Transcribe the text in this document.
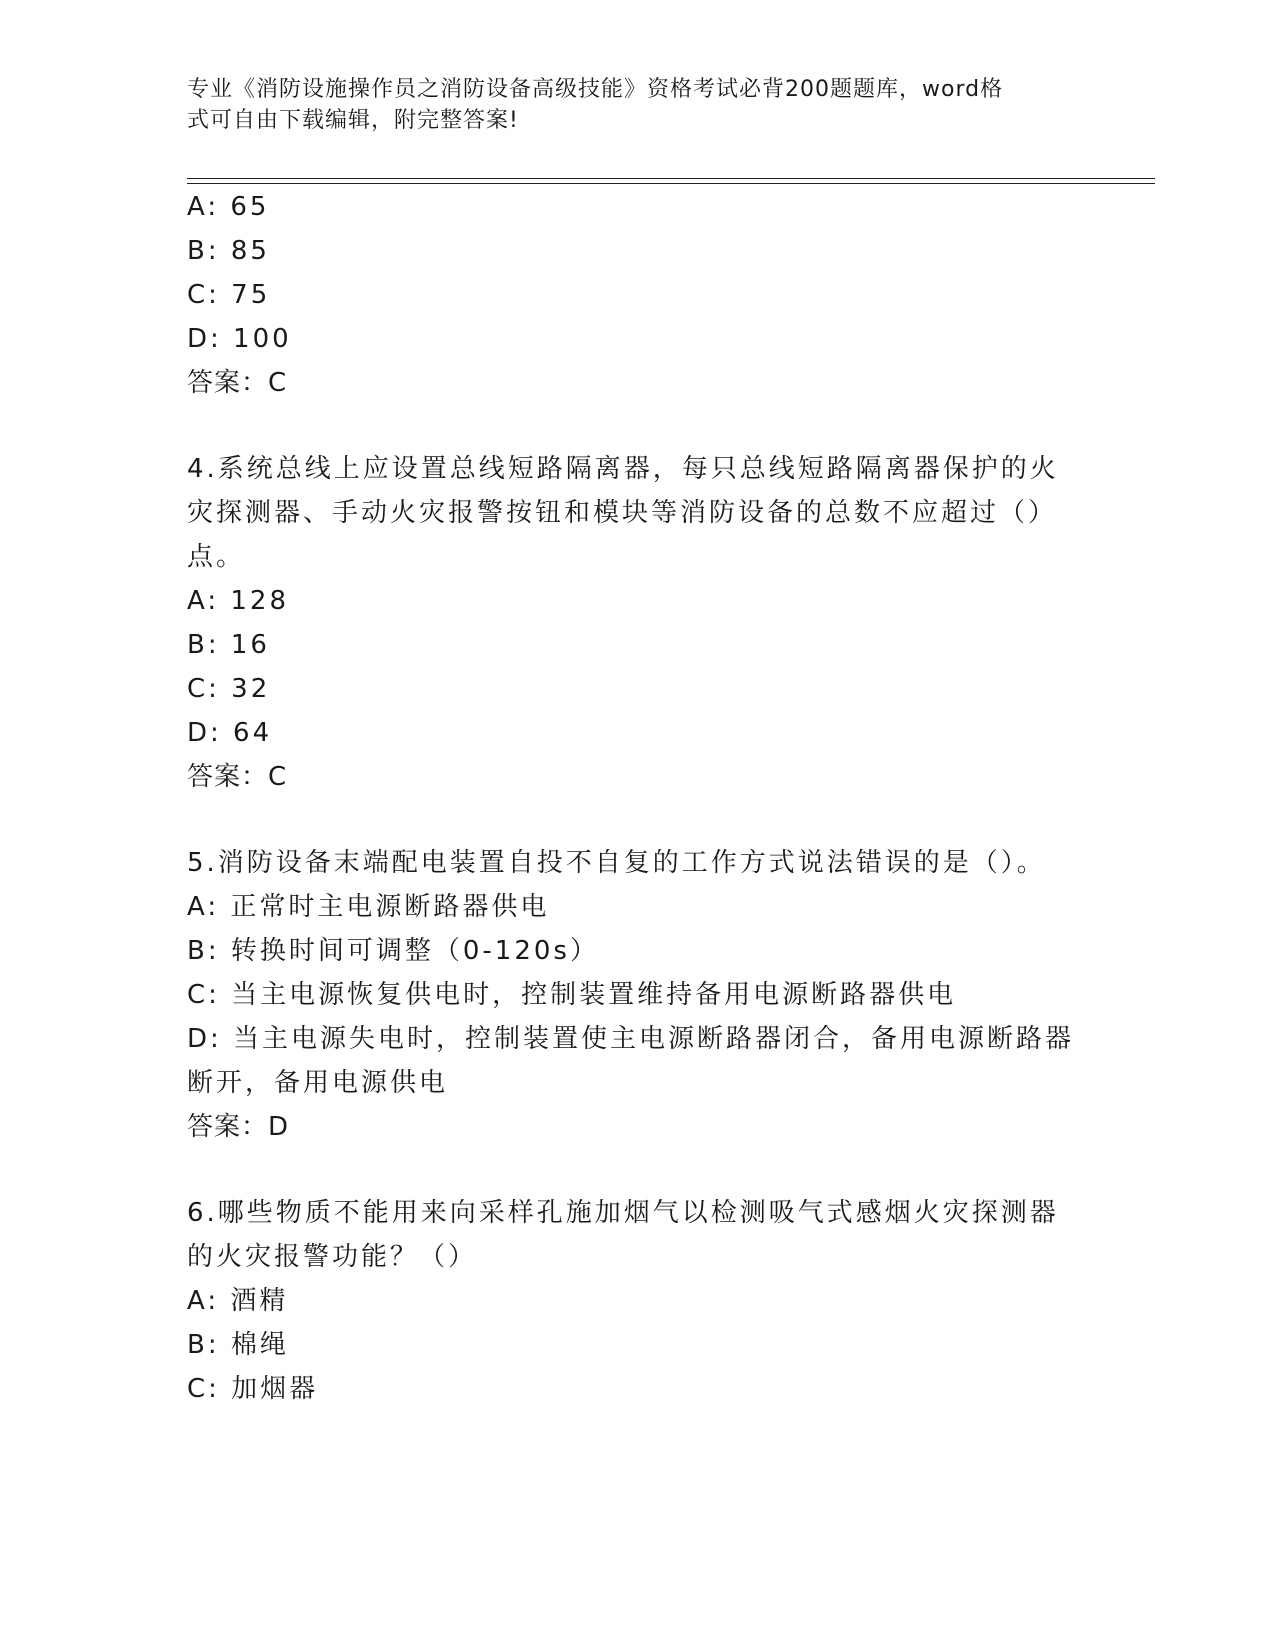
专业《消防设施操作员之消防设备高级技能》资格考试必背200题题库，word格
式可自由下载编辑，附完整答案!
A: 65
B: 85
C: 75
D: 100
答案：C
4.系统总线上应设置总线短路隔离器，每只总线短路隔离器保护的火
灾探测器、手动火灾报警按钮和模块等消防设备的总数不应超过（）
点。
A: 128
B: 16
C: 32
D: 64
答案：C
5.消防设备末端配电装置自投不自复的工作方式说法错误的是（）。
A: 正常时主电源断路器供电
B: 转换时间可调整（0-120s）
C: 当主电源恢复供电时，控制装置维持备用电源断路器供电
D: 当主电源失电时，控制装置使主电源断路器闭合，备用电源断路器
断开，备用电源供电
答案：D
6.哪些物质不能用来向采样孔施加烟气以检测吸气式感烟火灾探测器
的火灾报警功能？（）
A: 酒精
B: 棉绳
C: 加烟器
